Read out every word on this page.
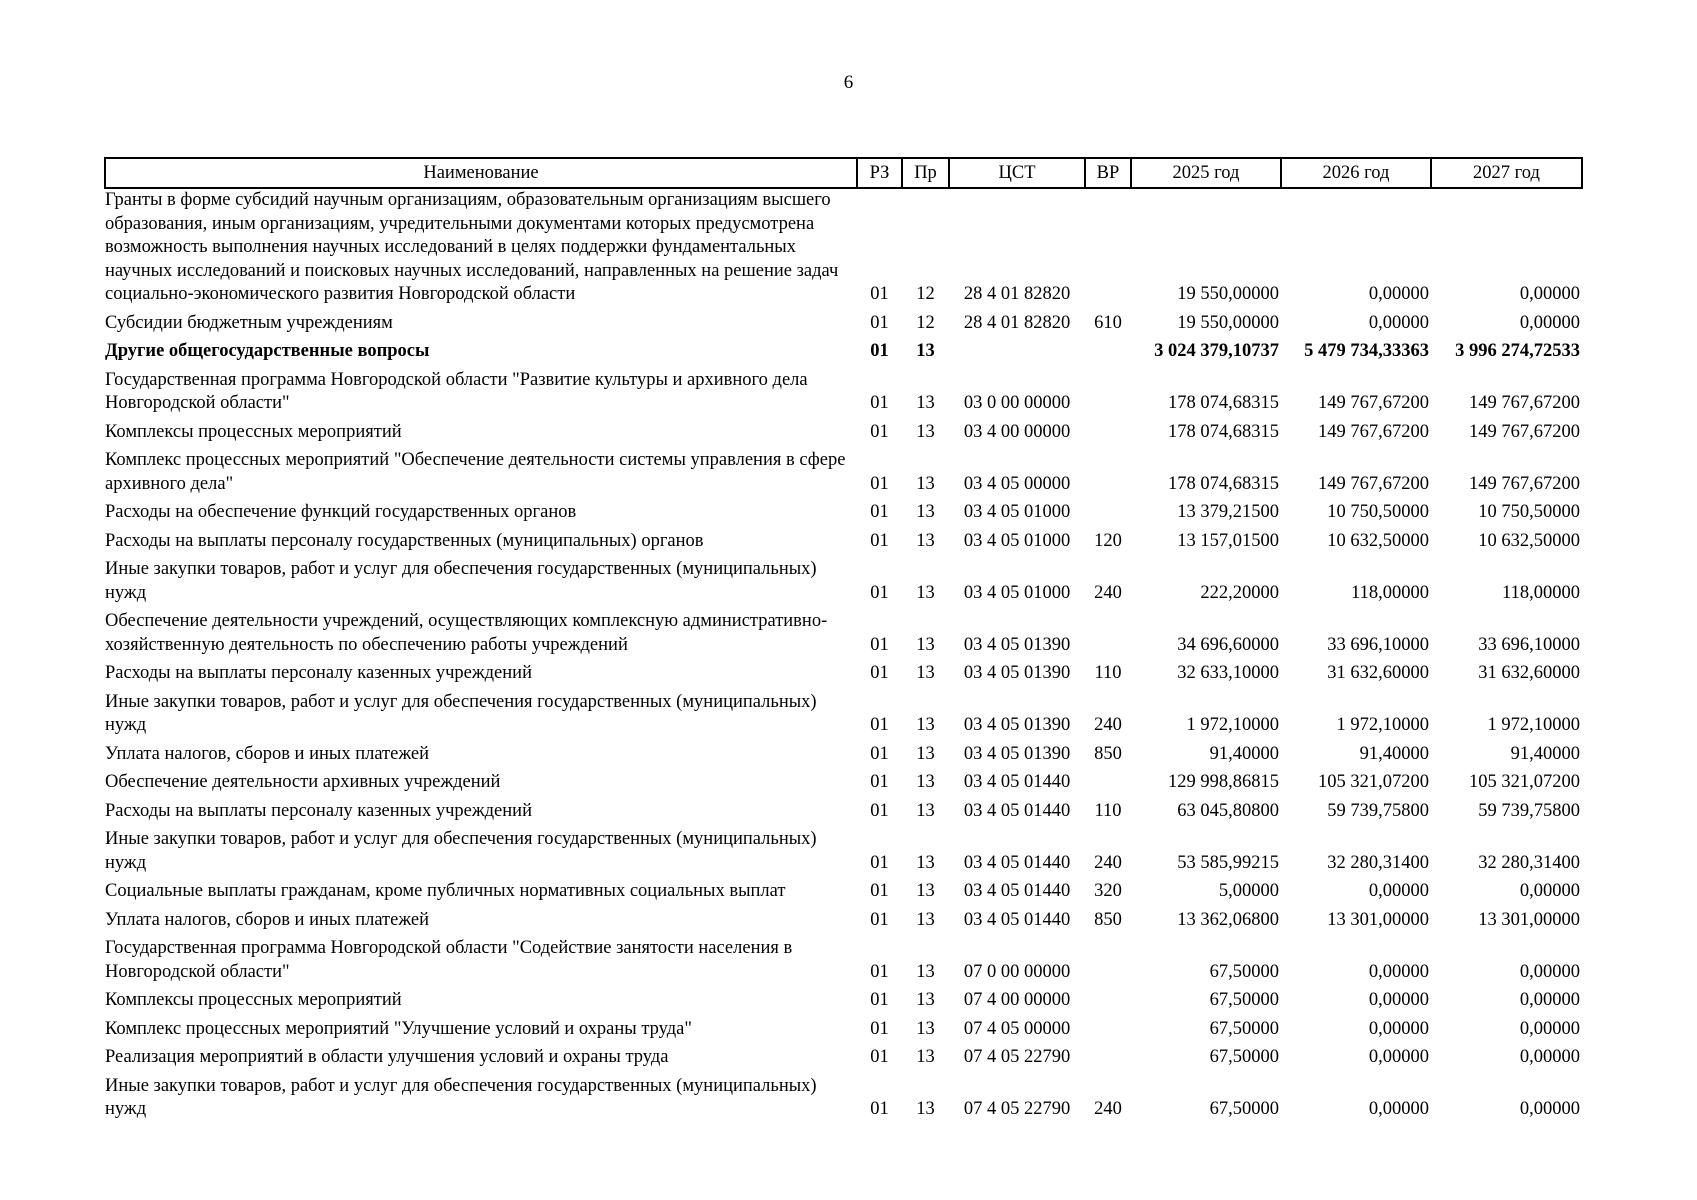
6
Наименование	РЗ	Пр	ЦСТ	ВР	2025 год	2026 год	2027 год
Гранты в форме субсидий научным организациям, образовательным организациям высшего образования, иным организациям, учредительными документами которых предусмотрена возможность выполнения научных исследований в целях поддержки фундаментальных научных исследований и поисковых научных исследований, направленных на решение задач социально-экономического развития Новгородской области	01	12	28 4 01 82820		19 550,00000	0,00000	0,00000
Субсидии бюджетным учреждениям	01	12	28 4 01 82820	610	19 550,00000	0,00000	0,00000
Другие общегосударственные вопросы	01	13			3 024 379,10737	5 479 734,33363	3 996 274,72533
Государственная программа Новгородской области "Развитие культуры и архивного дела Новгородской области"	01	13	03 0 00 00000		178 074,68315	149 767,67200	149 767,67200
Комплексы процессных мероприятий	01	13	03 4 00 00000		178 074,68315	149 767,67200	149 767,67200
Комплекс процессных мероприятий "Обеспечение деятельности системы управления в сфере архивного дела"	01	13	03 4 05 00000		178 074,68315	149 767,67200	149 767,67200
Расходы на обеспечение функций государственных органов	01	13	03 4 05 01000		13 379,21500	10 750,50000	10 750,50000
Расходы на выплаты персоналу государственных (муниципальных) органов	01	13	03 4 05 01000	120	13 157,01500	10 632,50000	10 632,50000
Иные закупки товаров, работ и услуг для обеспечения государственных (муниципальных) нужд	01	13	03 4 05 01000	240	222,20000	118,00000	118,00000
Обеспечение деятельности учреждений, осуществляющих комплексную административно-хозяйственную деятельность по обеспечению работы учреждений	01	13	03 4 05 01390		34 696,60000	33 696,10000	33 696,10000
Расходы на выплаты персоналу казенных учреждений	01	13	03 4 05 01390	110	32 633,10000	31 632,60000	31 632,60000
Иные закупки товаров, работ и услуг для обеспечения государственных (муниципальных) нужд	01	13	03 4 05 01390	240	1 972,10000	1 972,10000	1 972,10000
Уплата налогов, сборов и иных платежей	01	13	03 4 05 01390	850	91,40000	91,40000	91,40000
Обеспечение деятельности архивных учреждений	01	13	03 4 05 01440		129 998,86815	105 321,07200	105 321,07200
Расходы на выплаты персоналу казенных учреждений	01	13	03 4 05 01440	110	63 045,80800	59 739,75800	59 739,75800
Иные закупки товаров, работ и услуг для обеспечения государственных (муниципальных) нужд	01	13	03 4 05 01440	240	53 585,99215	32 280,31400	32 280,31400
Социальные выплаты гражданам, кроме публичных нормативных социальных выплат	01	13	03 4 05 01440	320	5,00000	0,00000	0,00000
Уплата налогов, сборов и иных платежей	01	13	03 4 05 01440	850	13 362,06800	13 301,00000	13 301,00000
Государственная программа Новгородской области "Содействие занятости населения в Новгородской области"	01	13	07 0 00 00000		67,50000	0,00000	0,00000
Комплексы процессных мероприятий	01	13	07 4 00 00000		67,50000	0,00000	0,00000
Комплекс процессных мероприятий "Улучшение условий и охраны труда"	01	13	07 4 05 00000		67,50000	0,00000	0,00000
Реализация мероприятий в области улучшения условий и охраны труда	01	13	07 4 05 22790		67,50000	0,00000	0,00000
Иные закупки товаров, работ и услуг для обеспечения государственных (муниципальных) нужд	01	13	07 4 05 22790	240	67,50000	0,00000	0,00000
